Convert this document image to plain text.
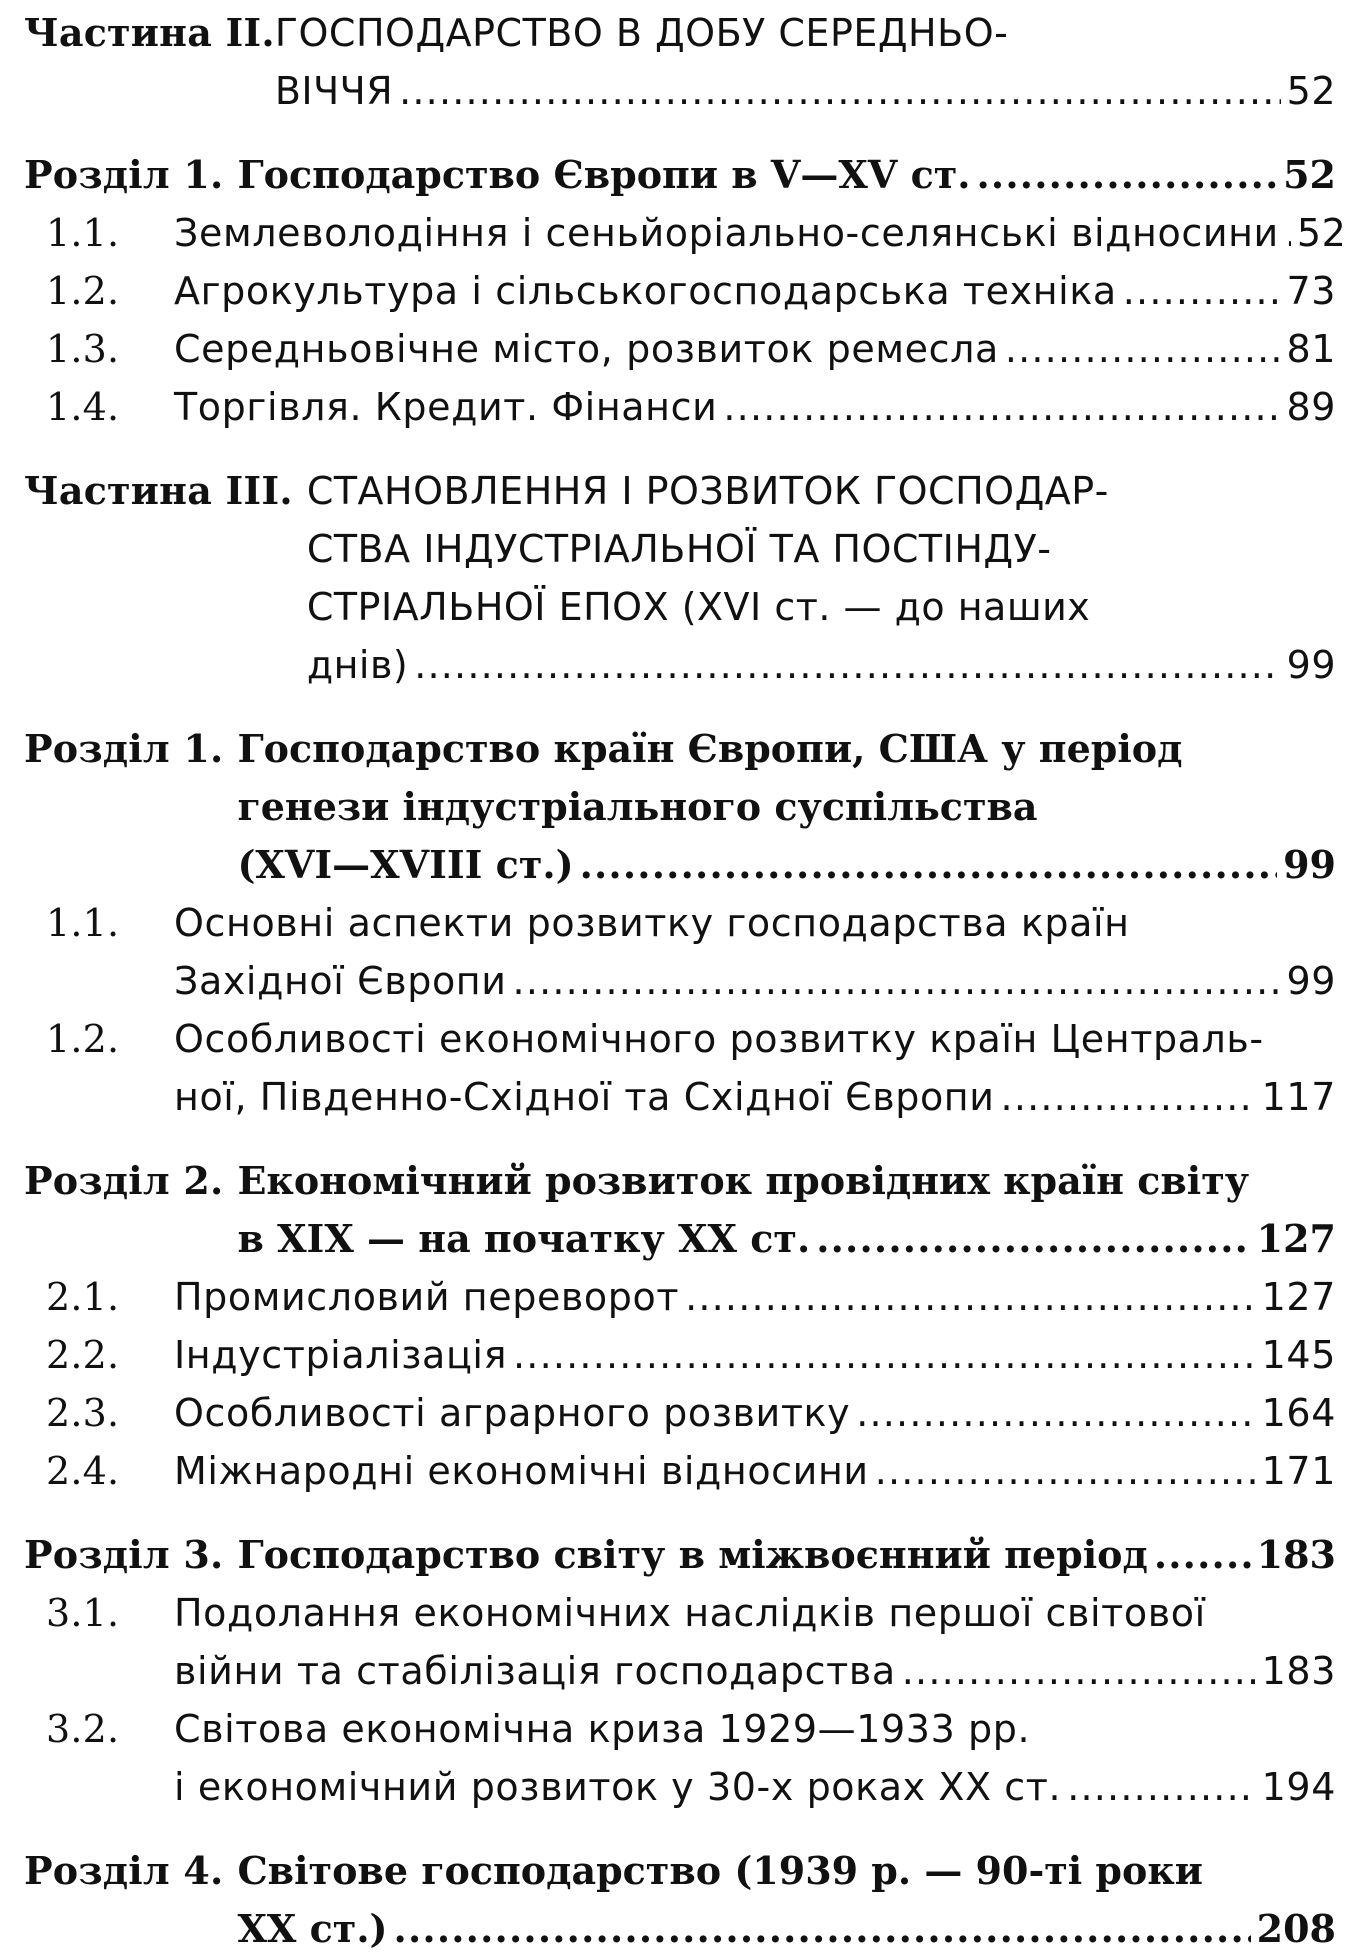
Частина II. ГОСПОДАРСТВО В ДОБУ СЕРЕДНЬО-
ВІЧЧЯ .....	52
Розділ 1. Господарство Європи в V—XV ст. .....	52
1.1.	Землеволодіння і сеньйоріально-селянські відносини ..... 52
1.2.	Агрокультура і сільськогосподарська техніка .....	73
1.3.	Середньовічне місто, розвиток ремесла .....	81
1.4.	Торгівля. Кредит. Фінанси .....	89
Частина III. СТАНОВЛЕННЯ І РОЗВИТОК ГОСПОДАР-
СТВА ІНДУСТРІАЛЬНОЇ ТА ПОСТІНДУ-
СТРІАЛЬНОЇ ЕПОХ (XVI ст. — до наших
днів) .....	99
Розділ 1. Господарство країн Європи, США у період
генези індустріального суспільства
(XVI—XVIII ст.) .....	99
1.1.	Основні аспекти розвитку господарства країн
Західної Європи .....	99
1.2.	Особливості економічного розвитку країн Централь-
ної, Південно-Східної та Східної Європи .....	117
Розділ 2. Економічний розвиток провідних країн світу
в XIX — на початку XX ст. .....	127
2.1.	Промисловий переворот .....	127
2.2.	Індустріалізація .....	145
2.3.	Особливості аграрного розвитку .....	164
2.4.	Міжнародні економічні відносини .....	171
Розділ 3. Господарство світу в міжвоєнний період .....	183
3.1.	Подолання економічних наслідків першої світової
війни та стабілізація господарства .....	183
3.2.	Світова економічна криза 1929—1933 рр.
і економічний розвиток у 30-х роках XX ст. .....	194
Розділ 4. Світове господарство (1939 р. — 90-ті роки
XX ст.) .....	208
